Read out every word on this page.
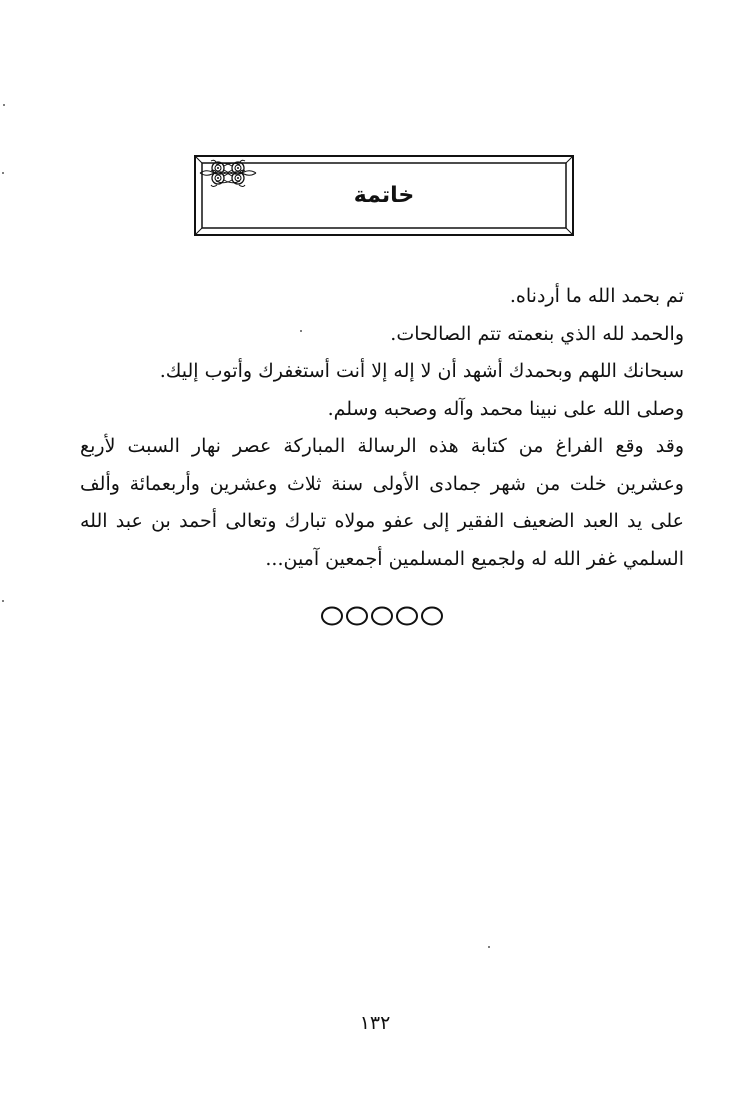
خاتمة

تم بحمد الله ما أردناه.

والحمد لله الذي بنعمته تتم الصالحات.

سبحانك اللهم وبحمدك أشهد أن لا إله إلا أنت أستغفرك وأتوب إليك.

وصلى الله على نبينا محمد وآله وصحبه وسلم.

وقد وقع الفراغ من كتابة هذه الرسالة المباركة عصر نهار السبت لأربع وعشرين خلت من شهر جمادى الأولى سنة ثلاث وعشرين وأربعمائة وألف على يد العبد الضعيف الفقير إلى عفو مولاه تبارك وتعالى أحمد بن عبد الله السلمي غفر الله له ولجميع المسلمين أجمعين آمين...

١٣٢
